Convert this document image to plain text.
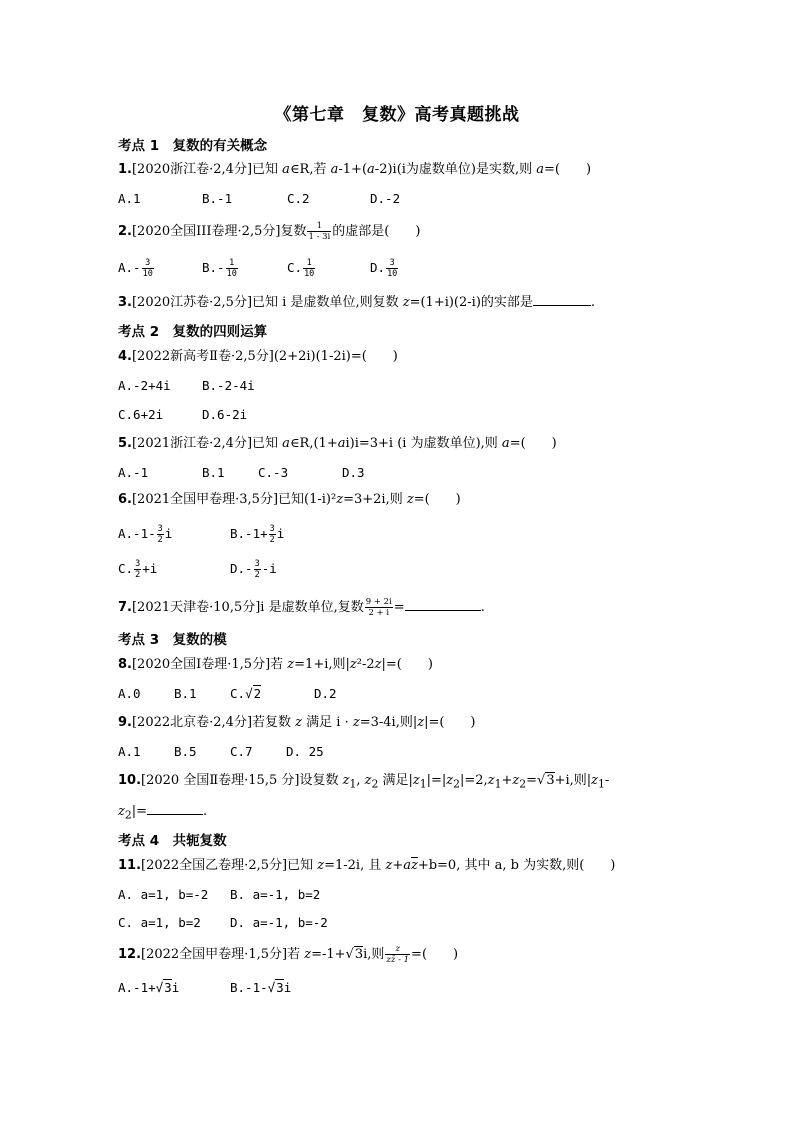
《第七章　复数》高考真题挑战
考点 1　复数的有关概念
1.[2020浙江卷·2,4分]已知 a∈R,若 a-1+(a-2)i(i为虚数单位)是实数,则 a=(　　)
A.1	B.-1	C.2	D.-2
2.[2020全国III卷理·2,5分]复数 $\frac{1}{1 - 3i}$ 的虚部是(　　)
$A.- \frac{3}{10}$	$B.- \frac{1}{10}$	C. $\frac{1}{10}$	D. $\frac{3}{10}$
3.[2020江苏卷·2,5分]已知 i 是虚数单位,则复数 z=(1+i)(2-i)的实部是	.
考点 2　复数的四则运算
4.[2022新高考Ⅱ卷·2,5分](2+2i)(1-2i)=(　　)
A.-2+4i	B.-2-4i
C.6+2i	D.6-2i
5.[2021浙江卷·2,4分]已知 a∈R,(1+ai)i=3+i (i 为虚数单位),则 a=(　　)
A.-1	B.1	C.-3	D.3
6.[2021全国甲卷理·3,5分]已知(1-i)²z=3+2i,则 z=(　　)
$A.-1- \frac{3}{2}$ i	$B.-1+ \frac{3}{2}$ i
C. $\frac{3}{2} +i$	$D.- \frac{3}{2} -i$
7.[2021天津卷·10,5分]i 是虚数单位,复数 $\frac{9 + 2i}{2 + i}$ =	.
考点 3　复数的模
8.[2020全国Ⅰ卷理·1,5分]若 z=1+i,则|z²-2z|=(　　)
A.0	B.1	C.√2	D.2
9.[2022北京卷·2,4分]若复数 z 满足 i · z=3-4i,则|z|=(　　)
A.1	B.5	C.7	D. 25
10.[2020 全国Ⅱ卷理·15,5 分]设复数 $z_1$, $z_2$ 满足$|z_1|=|z_2|=2,z_1+z_2=√3+i$,则$|z_1-$
$z_2|=$	.
考点 4　共轭复数
11.[2022全国乙卷理·2,5分]已知 z=1-2i, 且 $z+a\overline{z}+b=0$, 其中 a, b 为实数,则(　　)
A. a=1, b=-2 B. a=-1, b=2
C. a=1, b=2 D. a=-1, b=-2
12.[2022全国甲卷理·1,5分]若 z=-1+√3i,则 $\frac{z}{zz̄ - 1}$ =(　　)
A.-1+√3i	B.-1-√3i
